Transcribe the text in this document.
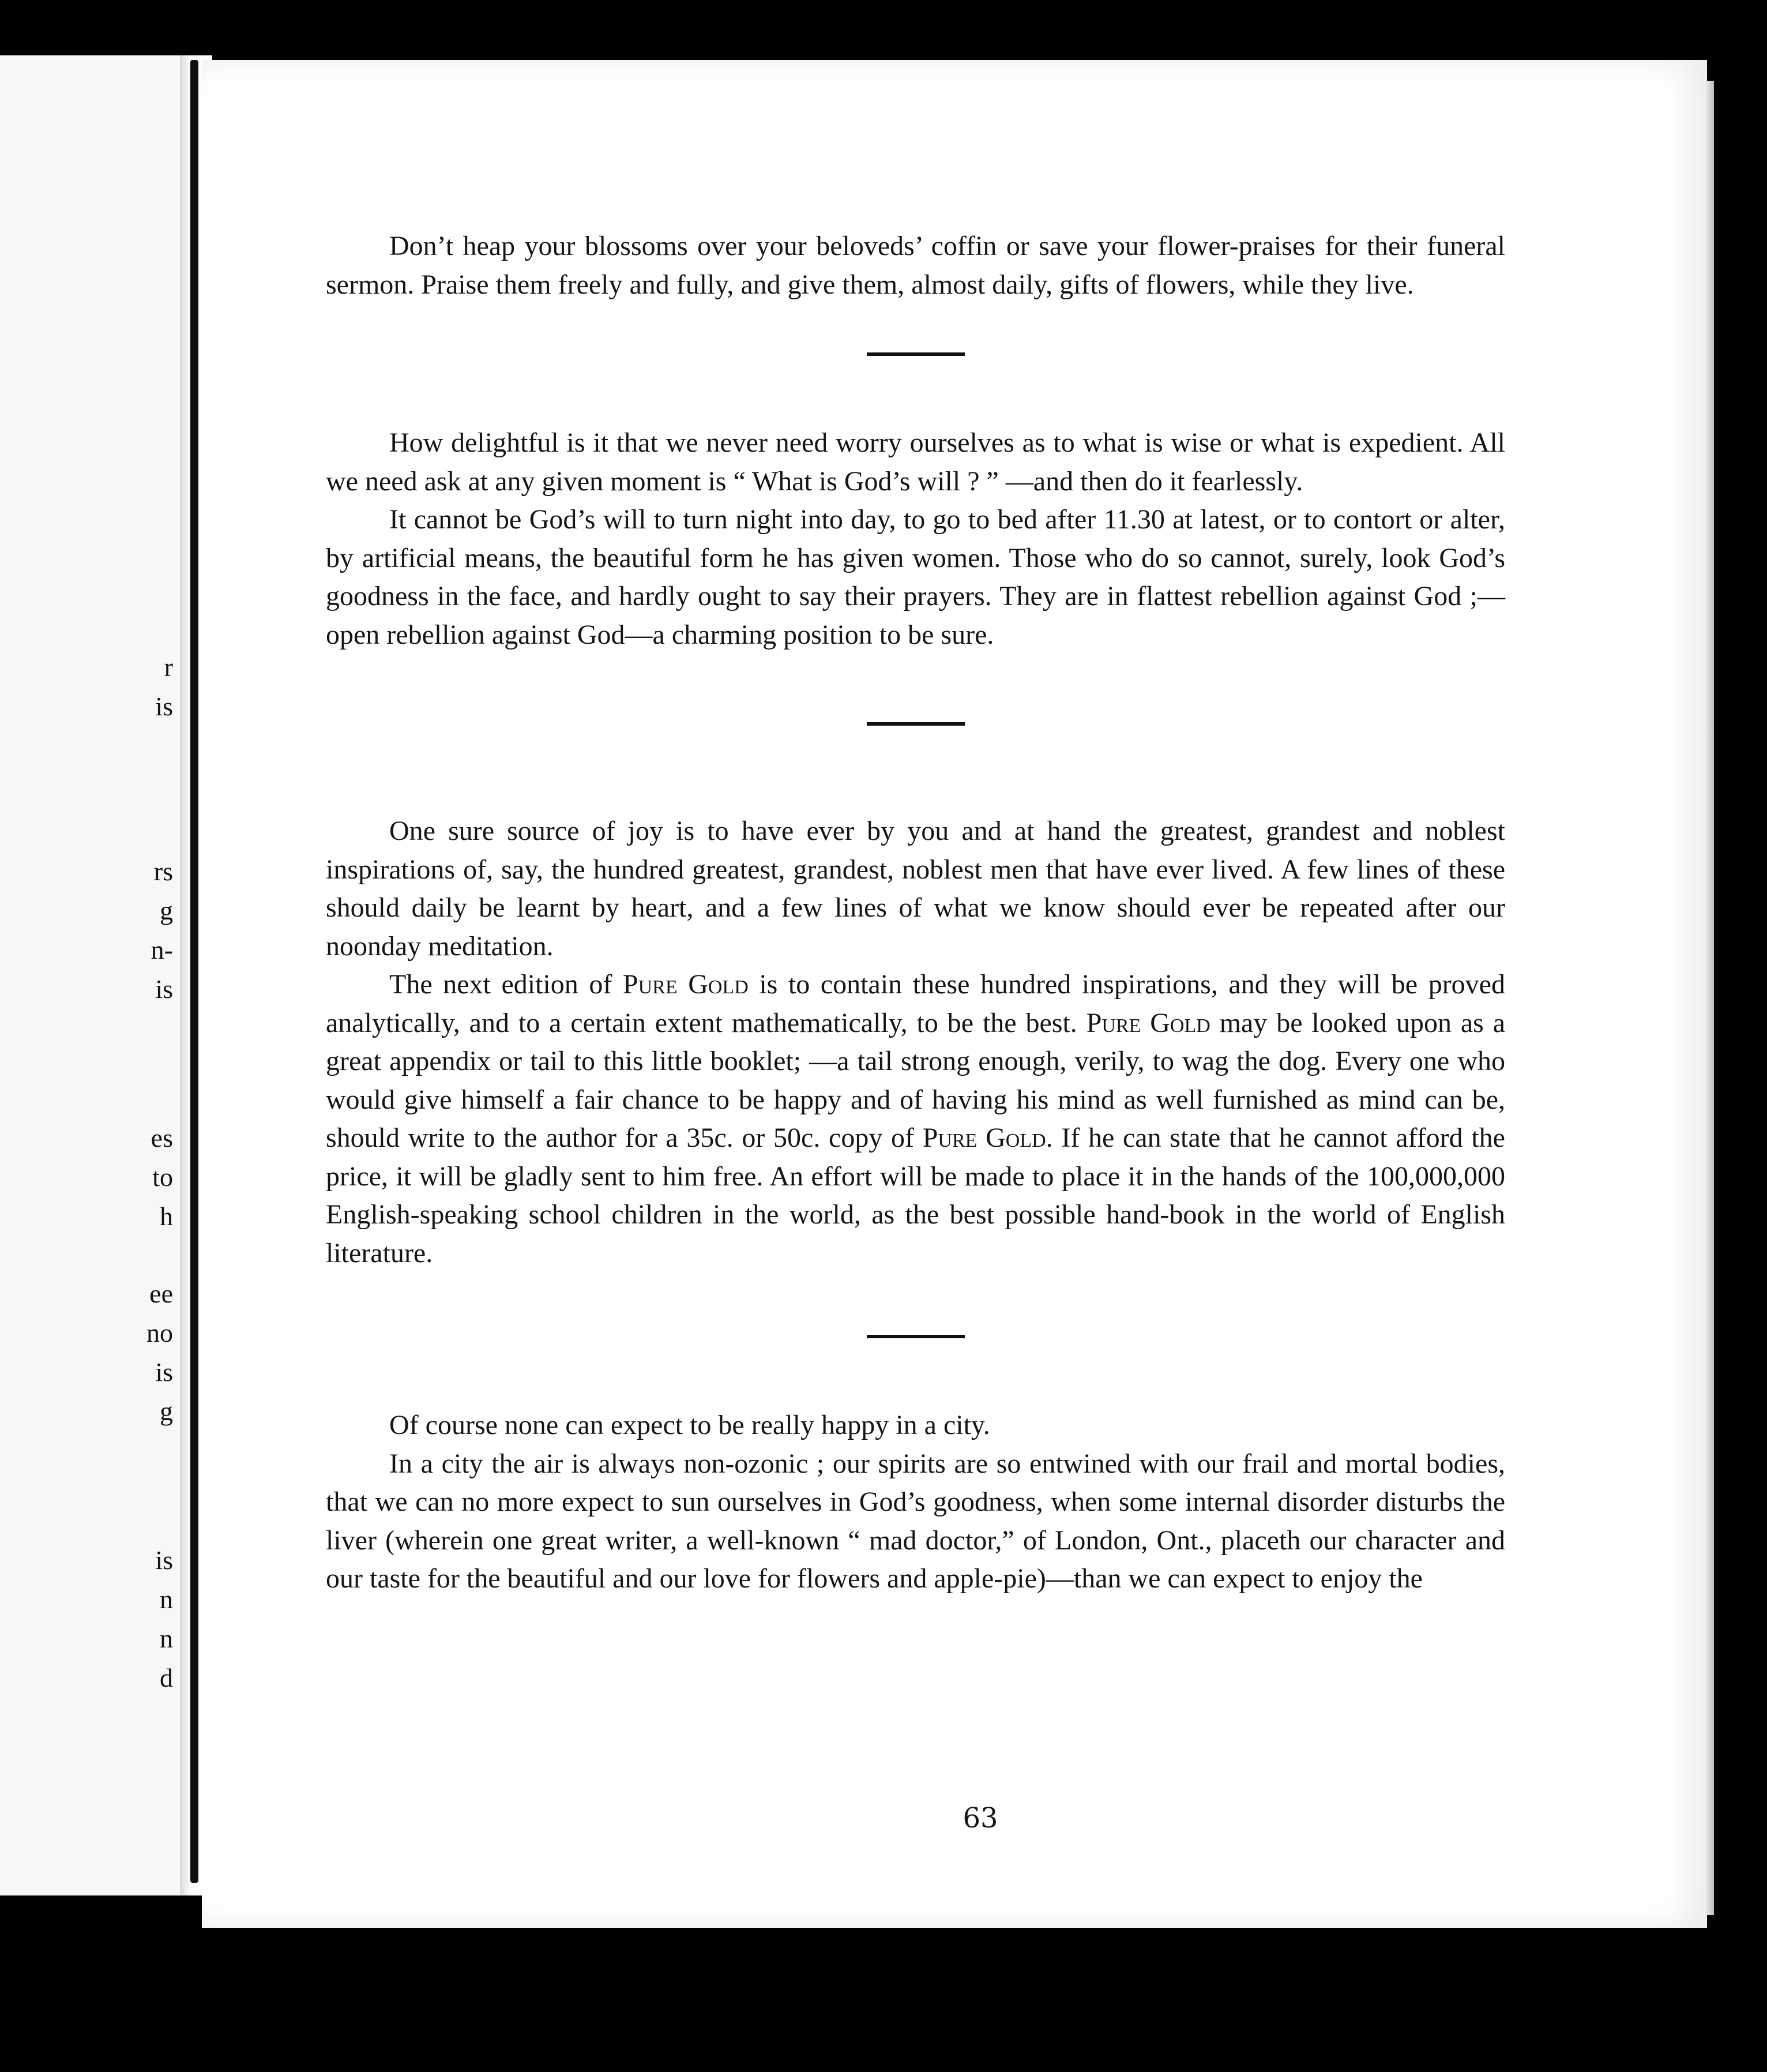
r
is
rs
g
n-
is
es
to
h
ee
no
is
g
is
n
n
d

Don’t heap your blossoms over your beloveds’ coffin or save your flower-praises for their funeral sermon. Praise them freely and fully, and give them, almost daily, gifts of flowers, while they live.

How delightful is it that we never need worry ourselves as to what is wise or what is expedient. All we need ask at any given moment is “ What is God’s will ? ” —and then do it fearlessly.

It cannot be God’s will to turn night into day, to go to bed after 11.30 at latest, or to contort or alter, by artificial means, the beautiful form he has given women. Those who do so cannot, surely, look God’s goodness in the face, and hardly ought to say their prayers. They are in flattest rebellion against God ;—open rebellion against God—a charming position to be sure.

One sure source of joy is to have ever by you and at hand the greatest, grandest and noblest inspirations of, say, the hundred greatest, grandest, noblest men that have ever lived. A few lines of these should daily be learnt by heart, and a few lines of what we know should ever be repeated after our noonday meditation.

The next edition of Pure Gold is to contain these hundred inspirations, and they will be proved analytically, and to a certain extent mathematically, to be the best. Pure Gold may be looked upon as a great appendix or tail to this little booklet; —a tail strong enough, verily, to wag the dog. Every one who would give himself a fair chance to be happy and of having his mind as well furnished as mind can be, should write to the author for a 35c. or 50c. copy of Pure Gold. If he can state that he cannot afford the price, it will be gladly sent to him free. An effort will be made to place it in the hands of the 100,000,000 English-speaking school children in the world, as the best possible hand-book in the world of English literature.

Of course none can expect to be really happy in a city.

In a city the air is always non-ozonic ; our spirits are so entwined with our frail and mortal bodies, that we can no more expect to sun ourselves in God’s goodness, when some internal disorder disturbs the liver (wherein one great writer, a well-known “ mad doctor,” of London, Ont., placeth our character and our taste for the beautiful and our love for flowers and apple-pie)—than we can expect to enjoy the

63
